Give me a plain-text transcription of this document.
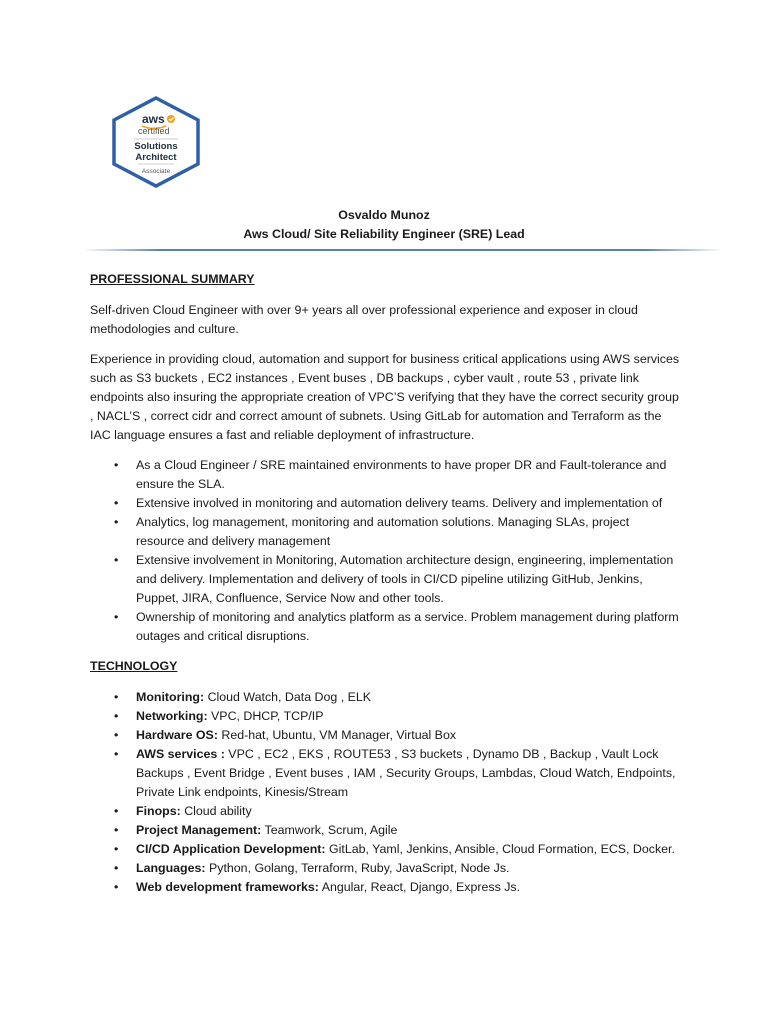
aws
certified
Solutions
Architect
Associate
Osvaldo Munoz
Aws Cloud/ Site Reliability Engineer (SRE) Lead

PROFESSIONAL SUMMARY

Self-driven Cloud Engineer with over 9+ years all over professional experience and exposer in cloud methodologies and culture.

Experience in providing cloud, automation and support for business critical applications using AWS services such as S3 buckets , EC2 instances , Event buses , DB backups , cyber vault , route 53 , private link endpoints also insuring the appropriate creation of VPC’S verifying that they have the correct security group , NACL’S , correct cidr and correct amount of subnets. Using GitLab for automation and Terraform as the IAC language ensures a fast and reliable deployment of infrastructure.

• As a Cloud Engineer / SRE maintained environments to have proper DR and Fault-tolerance and ensure the SLA.
• Extensive involved in monitoring and automation delivery teams. Delivery and implementation of
• Analytics, log management, monitoring and automation solutions. Managing SLAs, project resource and delivery management
• Extensive involvement in Monitoring, Automation architecture design, engineering, implementation and delivery. Implementation and delivery of tools in CI/CD pipeline utilizing GitHub, Jenkins, Puppet, JIRA, Confluence, Service Now and other tools.
• Ownership of monitoring and analytics platform as a service. Problem management during platform outages and critical disruptions.

TECHNOLOGY

• Monitoring: Cloud Watch, Data Dog , ELK
• Networking: VPC, DHCP, TCP/IP
• Hardware OS: Red-hat, Ubuntu, VM Manager, Virtual Box
• AWS services : VPC , EC2 , EKS , ROUTE53 , S3 buckets , Dynamo DB , Backup , Vault Lock Backups , Event Bridge , Event buses , IAM , Security Groups, Lambdas, Cloud Watch, Endpoints, Private Link endpoints, Kinesis/Stream
• Finops: Cloud ability
• Project Management: Teamwork, Scrum, Agile
• CI/CD Application Development: GitLab, Yaml, Jenkins, Ansible, Cloud Formation, ECS, Docker.
• Languages: Python, Golang, Terraform, Ruby, JavaScript, Node Js.
• Web development frameworks: Angular, React, Django, Express Js.
